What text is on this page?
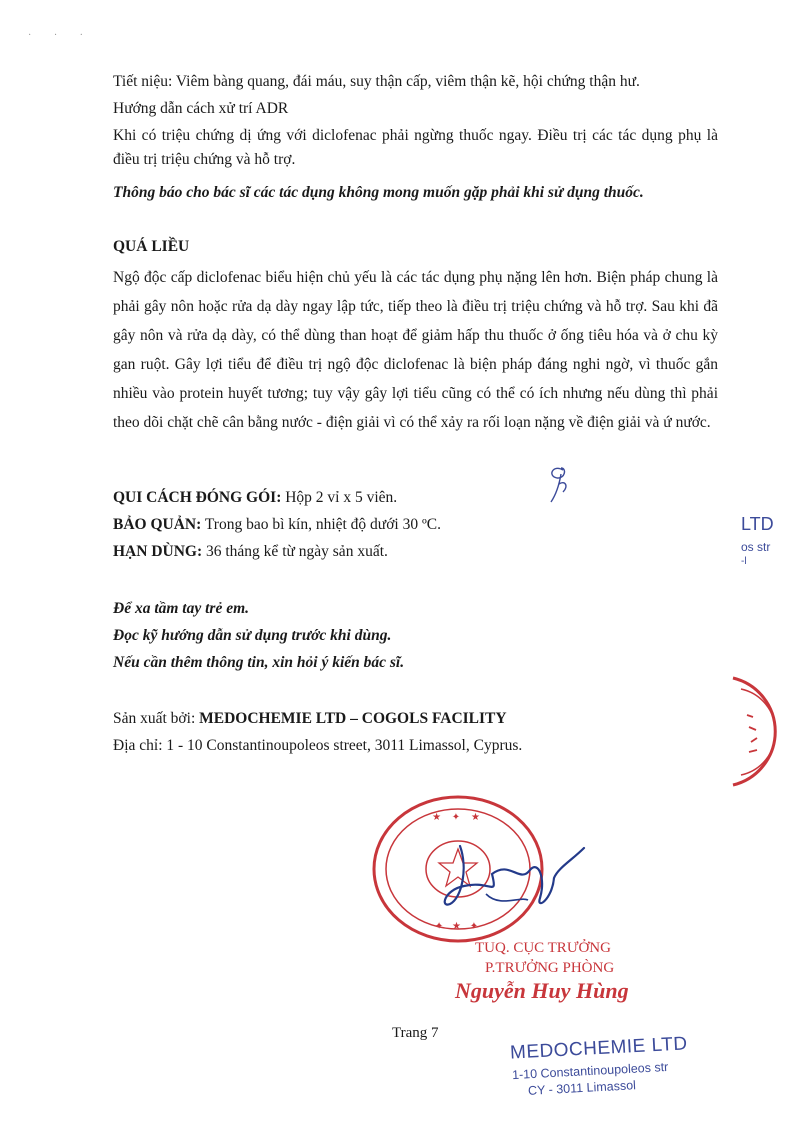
· · ·

Tiết niệu: Viêm bàng quang, đái máu, suy thận cấp, viêm thận kẽ, hội chứng thận hư.

Hướng dẫn cách xử trí ADR

Khi có triệu chứng dị ứng với diclofenac phải ngừng thuốc ngay. Điều trị các tác dụng phụ là điều trị triệu chứng và hỗ trợ.

Thông báo cho bác sĩ các tác dụng không mong muốn gặp phải khi sử dụng thuốc.

QUÁ LIỀU

Ngộ độc cấp diclofenac biểu hiện chủ yếu là các tác dụng phụ nặng lên hơn. Biện pháp chung là phải gây nôn hoặc rửa dạ dày ngay lập tức, tiếp theo là điều trị triệu chứng và hỗ trợ. Sau khi đã gây nôn và rửa dạ dày, có thể dùng than hoạt để giảm hấp thu thuốc ở ống tiêu hóa và ở chu kỳ gan ruột. Gây lợi tiểu để điều trị ngộ độc diclofenac là biện pháp đáng nghi ngờ, vì thuốc gắn nhiều vào protein huyết tương; tuy vậy gây lợi tiểu cũng có thể có ích nhưng nếu dùng thì phải theo dõi chặt chẽ cân bằng nước - điện giải vì có thể xảy ra rối loạn nặng về điện giải và ứ nước.

QUI CÁCH ĐÓNG GÓI: Hộp 2 vỉ x 5 viên.

BẢO QUẢN: Trong bao bì kín, nhiệt độ dưới 30 ºC.

HẠN DÙNG: 36 tháng kể từ ngày sản xuất.

Để xa tầm tay trẻ em.

Đọc kỹ hướng dẫn sử dụng trước khi dùng.

Nếu cần thêm thông tin, xin hỏi ý kiến bác sĩ.

Sản xuất bởi: MEDOCHEMIE LTD – COGOLS FACILITY

Địa chỉ: 1 - 10 Constantinoupoleos street, 3011 Limassol, Cyprus.

LTD
os str
-l
★ ✦ ★
✦ ★ ✦
TUQ. CỤC TRƯỞNG
P.TRƯỞNG PHÒNG
Nguyễn Huy Hùng

Trang 7

MEDOCHEMIE LTD
1-10 Constantinoupoleos str
CY - 3011 Limassol
